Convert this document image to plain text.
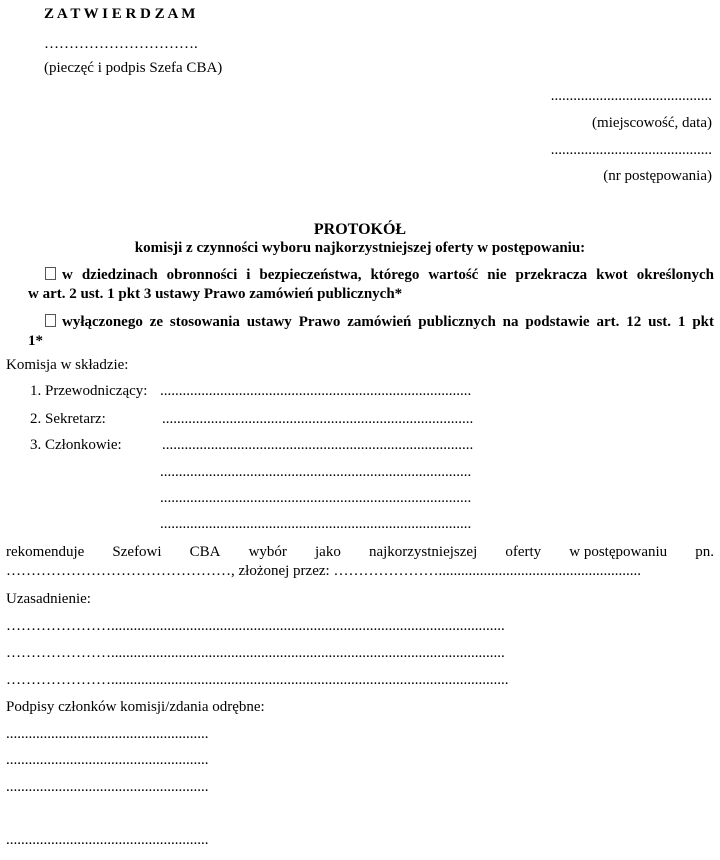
Z A T W I E R D Z A M
………………………….
(pieczęć i podpis Szefa CBA)
...........................................
(miejscowość, data)
...........................................
(nr postępowania)
PROTOKÓŁ
komisji z czynności wyboru najkorzystniejszej oferty w postępowaniu:
w dziedzinach obronności i bezpieczeństwa, którego wartość nie przekracza kwot określonych
w art. 2 ust. 1 pkt 3 ustawy Prawo zamówień publicznych*
wyłączonego ze stosowania ustawy Prawo zamówień publicznych na podstawie art. 12 ust. 1 pkt
1*
Komisja w składzie:
1. Przewodniczący: ...................................................................................
2. Sekretarz:	...................................................................................
3. Członkowie:	...................................................................................
...................................................................................
...................................................................................
...................................................................................
rekomenduje Szefowi CBA wybór jako najkorzystniejszej oferty w postępowaniu pn.
………………………………………, złożonej przez: …………………......................................................
Uzasadnienie:
………………….........................................................................................................
………………….........................................................................................................
…………………..........................................................................................................
Podpisy członków komisji/zdania odrębne:
......................................................
......................................................
......................................................
......................................................
